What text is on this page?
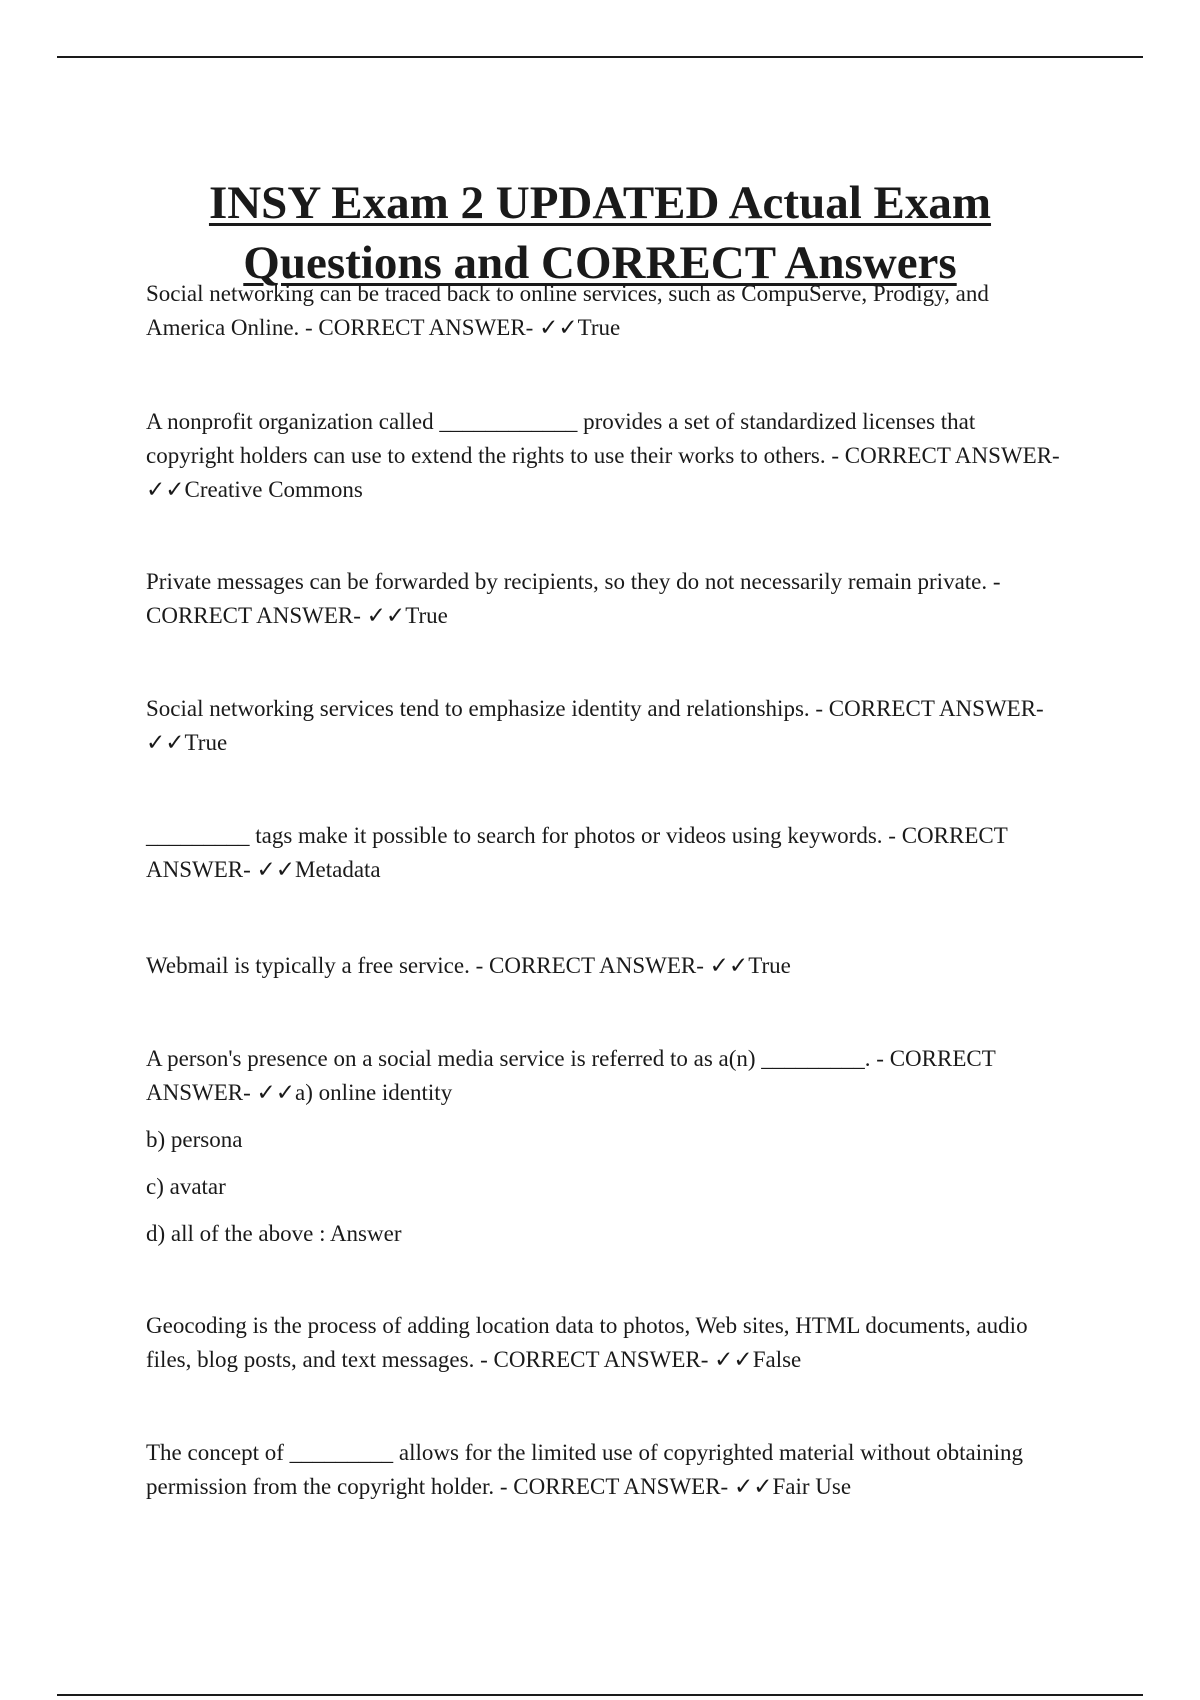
INSY Exam 2 UPDATED Actual Exam
Questions and CORRECT Answers

Social networking can be traced back to online services, such as CompuServe, Prodigy, and America Online. - CORRECT ANSWER- ✓✓True

A nonprofit organization called ____________ provides a set of standardized licenses that copyright holders can use to extend the rights to use their works to others. - CORRECT ANSWER- ✓✓Creative Commons

Private messages can be forwarded by recipients, so they do not necessarily remain private. - CORRECT ANSWER- ✓✓True

Social networking services tend to emphasize identity and relationships. - CORRECT ANSWER- ✓✓True

_________ tags make it possible to search for photos or videos using keywords. - CORRECT ANSWER- ✓✓Metadata

Webmail is typically a free service. - CORRECT ANSWER- ✓✓True

A person's presence on a social media service is referred to as a(n) _________. - CORRECT ANSWER- ✓✓a) online identity

b) persona

c) avatar

d) all of the above : Answer

Geocoding is the process of adding location data to photos, Web sites, HTML documents, audio files, blog posts, and text messages. - CORRECT ANSWER- ✓✓False

The concept of _________ allows for the limited use of copyrighted material without obtaining permission from the copyright holder. - CORRECT ANSWER- ✓✓Fair Use
